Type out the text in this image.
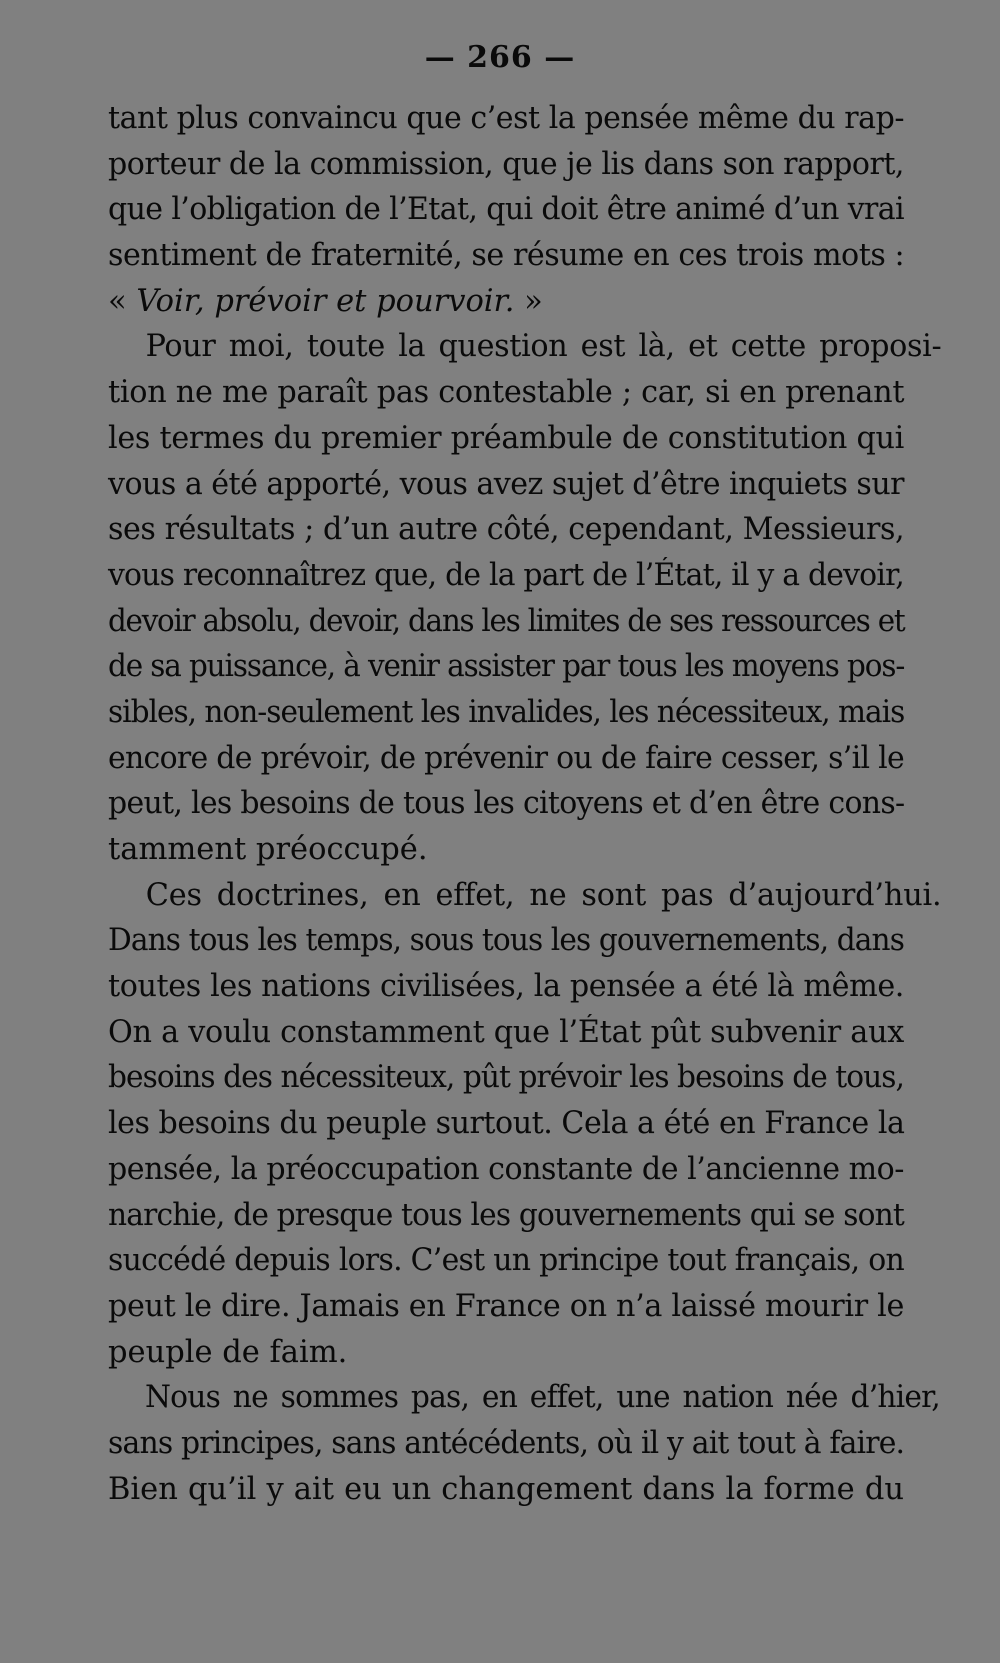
— 266 —
tant plus convaincu que c’est la pensée même du rap-
porteur de la commission, que je lis dans son rapport,
que l’obligation de l’Etat, qui doit être animé d’un vrai
sentiment de fraternité, se résume en ces trois mots :
« Voir, prévoir et pourvoir. »
Pour moi, toute la question est là, et cette proposi-
tion ne me paraît pas contestable ; car, si en prenant
les termes du premier préambule de constitution qui
vous a été apporté, vous avez sujet d’être inquiets sur
ses résultats ; d’un autre côté, cependant, Messieurs,
vous reconnaîtrez que, de la part de l’État, il y a devoir,
devoir absolu, devoir, dans les limites de ses ressources et
de sa puissance, à venir assister par tous les moyens pos-
sibles, non-seulement les invalides, les nécessiteux, mais
encore de prévoir, de prévenir ou de faire cesser, s’il le
peut, les besoins de tous les citoyens et d’en être cons-
tamment préoccupé.
Ces doctrines, en effet, ne sont pas d’aujourd’hui.
Dans tous les temps, sous tous les gouvernements, dans
toutes les nations civilisées, la pensée a été là même.
On a voulu constamment que l’État pût subvenir aux
besoins des nécessiteux, pût prévoir les besoins de tous,
les besoins du peuple surtout. Cela a été en France la
pensée, la préoccupation constante de l’ancienne mo-
narchie, de presque tous les gouvernements qui se sont
succédé depuis lors. C’est un principe tout français, on
peut le dire. Jamais en France on n’a laissé mourir le
peuple de faim.
Nous ne sommes pas, en effet, une nation née d’hier,
sans principes, sans antécédents, où il y ait tout à faire.
Bien qu’il y ait eu un changement dans la forme du
